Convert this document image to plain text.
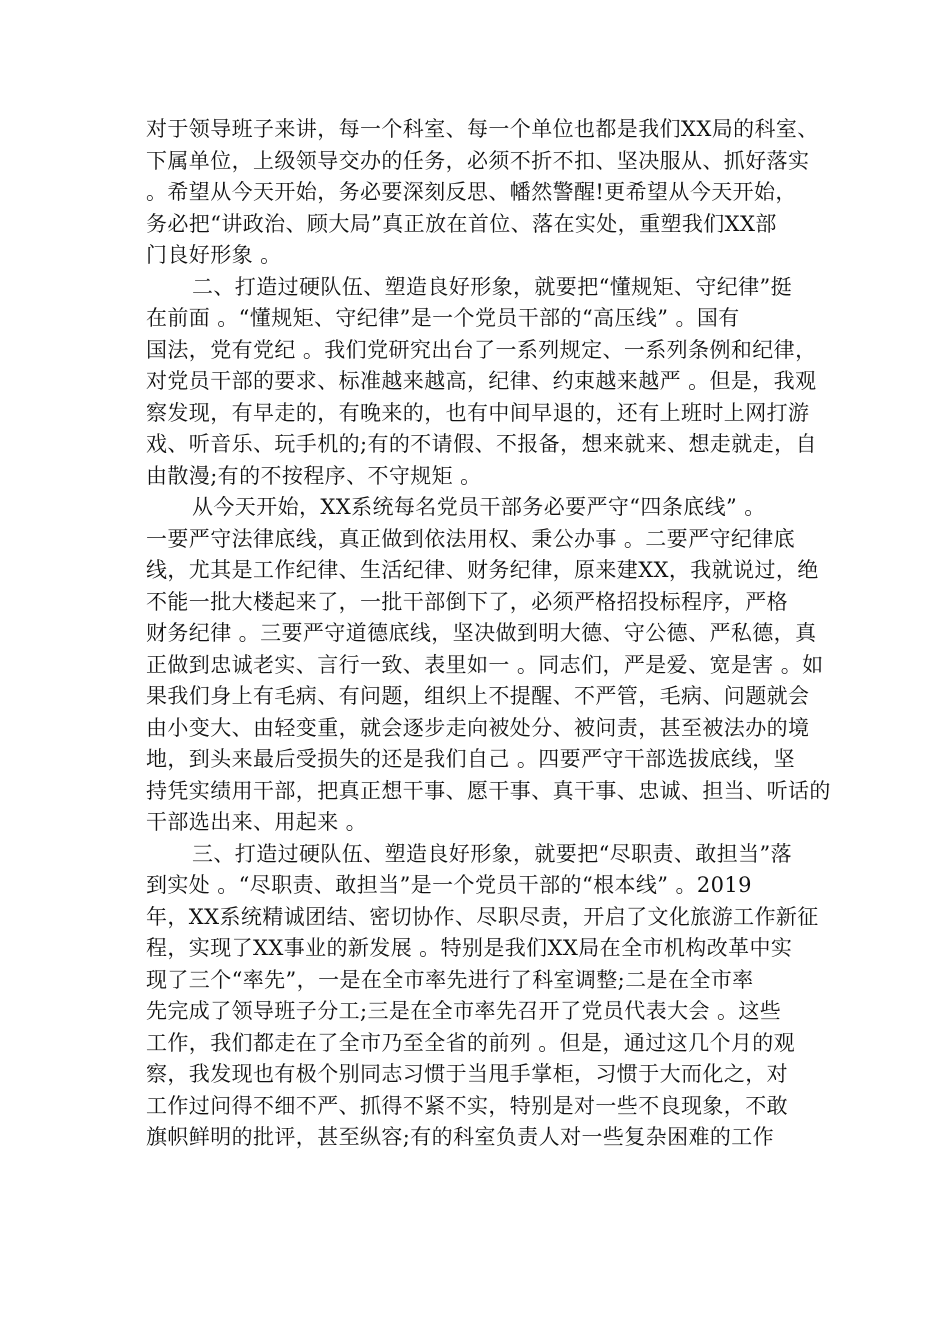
对于领导班子来讲，每一个科室、每一个单位也都是我们XX局的科室、
下属单位，上级领导交办的任务，必须不折不扣、坚决服从、抓好落实
。希望从今天开始，务必要深刻反思、幡然警醒!更希望从今天开始，
务必把“讲政治、顾大局”真正放在首位、落在实处，重塑我们XX部
门良好形象 。
二、打造过硬队伍、塑造良好形象，就要把“懂规矩、守纪律”挺
在前面 。“懂规矩、守纪律”是一个党员干部的“高压线” 。国有
国法，党有党纪 。我们党研究出台了一系列规定、一系列条例和纪律，
对党员干部的要求、标准越来越高，纪律、约束越来越严 。但是，我观
察发现，有早走的，有晚来的，也有中间早退的，还有上班时上网打游
戏、听音乐、玩手机的;有的不请假、不报备，想来就来、想走就走，自
由散漫;有的不按程序、不守规矩 。
从今天开始，XX系统每名党员干部务必要严守“四条底线” 。
一要严守法律底线，真正做到依法用权、秉公办事 。二要严守纪律底
线，尤其是工作纪律、生活纪律、财务纪律，原来建XX，我就说过，绝
不能一批大楼起来了，一批干部倒下了，必须严格招投标程序，严格
财务纪律 。三要严守道德底线，坚决做到明大德、守公德、严私德，真
正做到忠诚老实、言行一致、表里如一 。同志们，严是爱、宽是害 。如
果我们身上有毛病、有问题，组织上不提醒、不严管，毛病、问题就会
由小变大、由轻变重，就会逐步走向被处分、被问责，甚至被法办的境
地，到头来最后受损失的还是我们自己 。四要严守干部选拔底线，坚
持凭实绩用干部，把真正想干事、愿干事、真干事、忠诚、担当、听话的
干部选出来、用起来 。
三、打造过硬队伍、塑造良好形象，就要把“尽职责、敢担当”落
到实处 。“尽职责、敢担当”是一个党员干部的“根本线” 。2019
年，XX系统精诚团结、密切协作、尽职尽责，开启了文化旅游工作新征
程，实现了XX事业的新发展 。特别是我们XX局在全市机构改革中实
现了三个“率先”，一是在全市率先进行了科室调整;二是在全市率
先完成了领导班子分工;三是在全市率先召开了党员代表大会 。这些
工作，我们都走在了全市乃至全省的前列 。但是，通过这几个月的观
察，我发现也有极个别同志习惯于当甩手掌柜，习惯于大而化之，对
工作过问得不细不严、抓得不紧不实，特别是对一些不良现象，不敢
旗帜鲜明的批评，甚至纵容;有的科室负责人对一些复杂困难的工作
